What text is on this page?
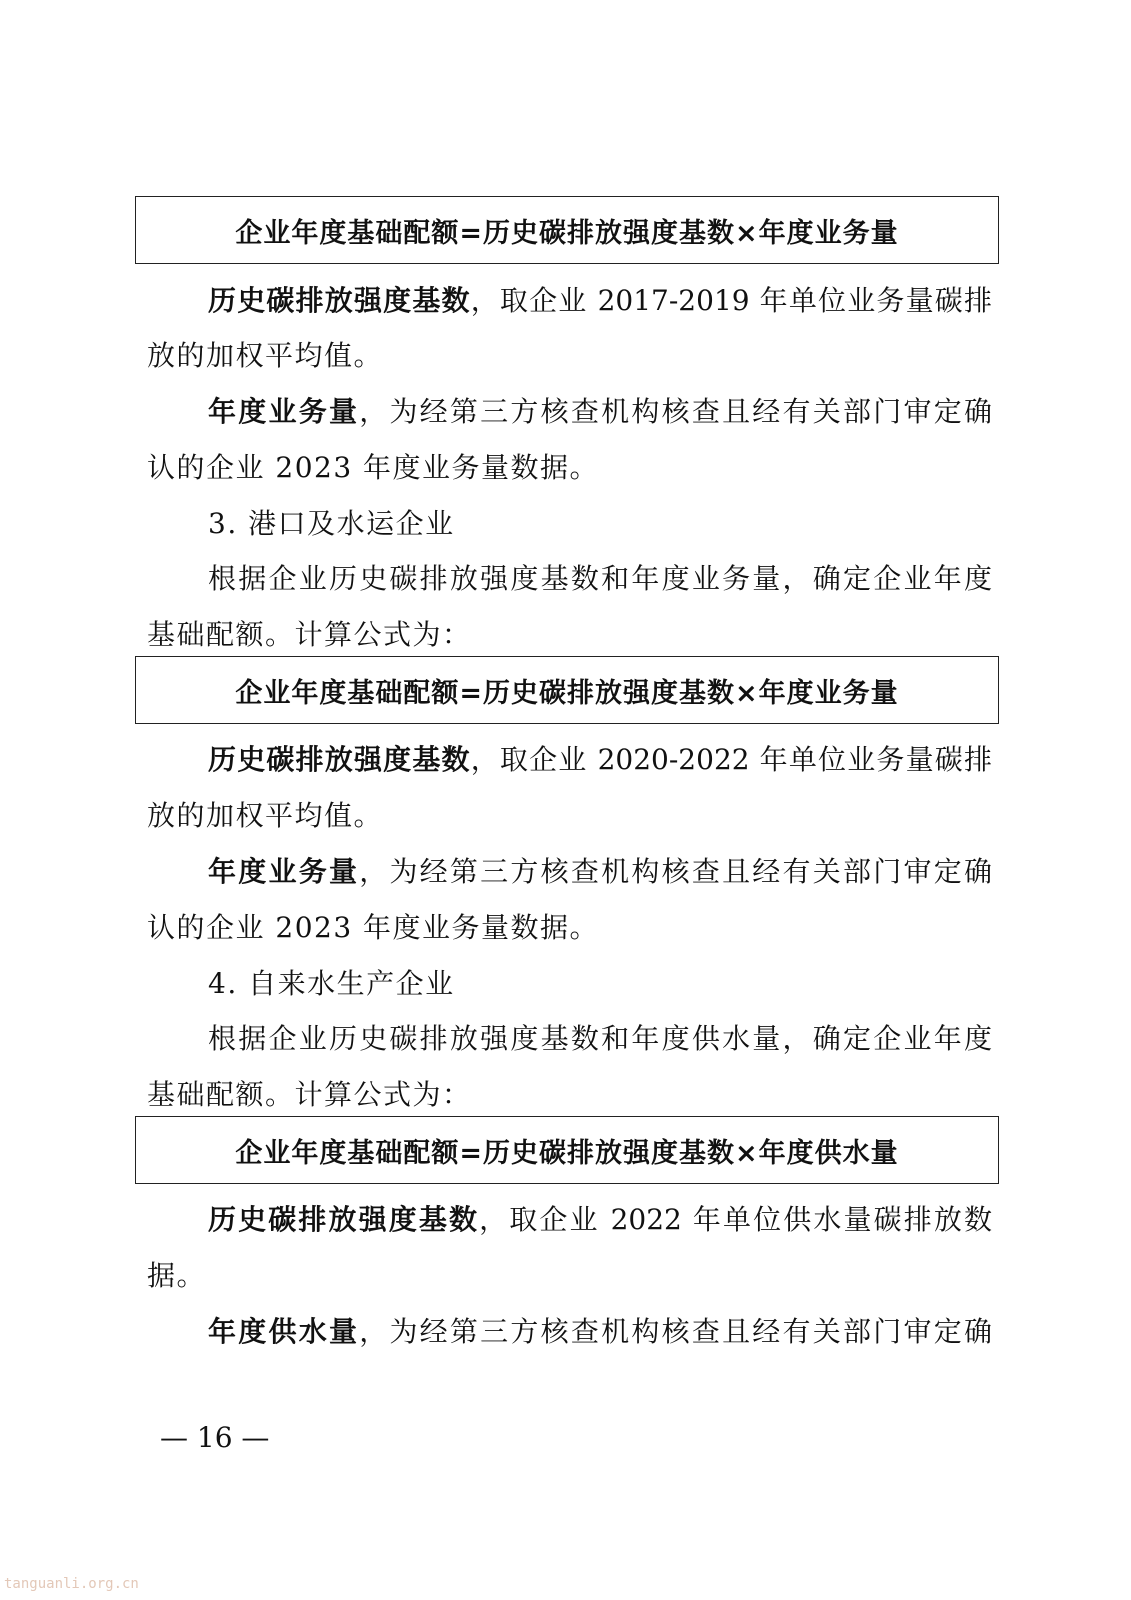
企业年度基础配额=历史碳排放强度基数×年度业务量
历史碳排放强度基数，取企业 2017-2019 年单位业务量碳排
放的加权平均值。
年度业务量，为经第三方核查机构核查且经有关部门审定确
认的企业 2023 年度业务量数据。
3. 港口及水运企业
根据企业历史碳排放强度基数和年度业务量，确定企业年度
基础配额。计算公式为：
企业年度基础配额=历史碳排放强度基数×年度业务量
历史碳排放强度基数，取企业 2020-2022 年单位业务量碳排
放的加权平均值。
年度业务量，为经第三方核查机构核查且经有关部门审定确
认的企业 2023 年度业务量数据。
4. 自来水生产企业
根据企业历史碳排放强度基数和年度供水量，确定企业年度
基础配额。计算公式为：
企业年度基础配额=历史碳排放强度基数×年度供水量
历史碳排放强度基数，取企业 2022 年单位供水量碳排放数
据。
年度供水量，为经第三方核查机构核查且经有关部门审定确
— 16 —
tanguanli.org.cn
